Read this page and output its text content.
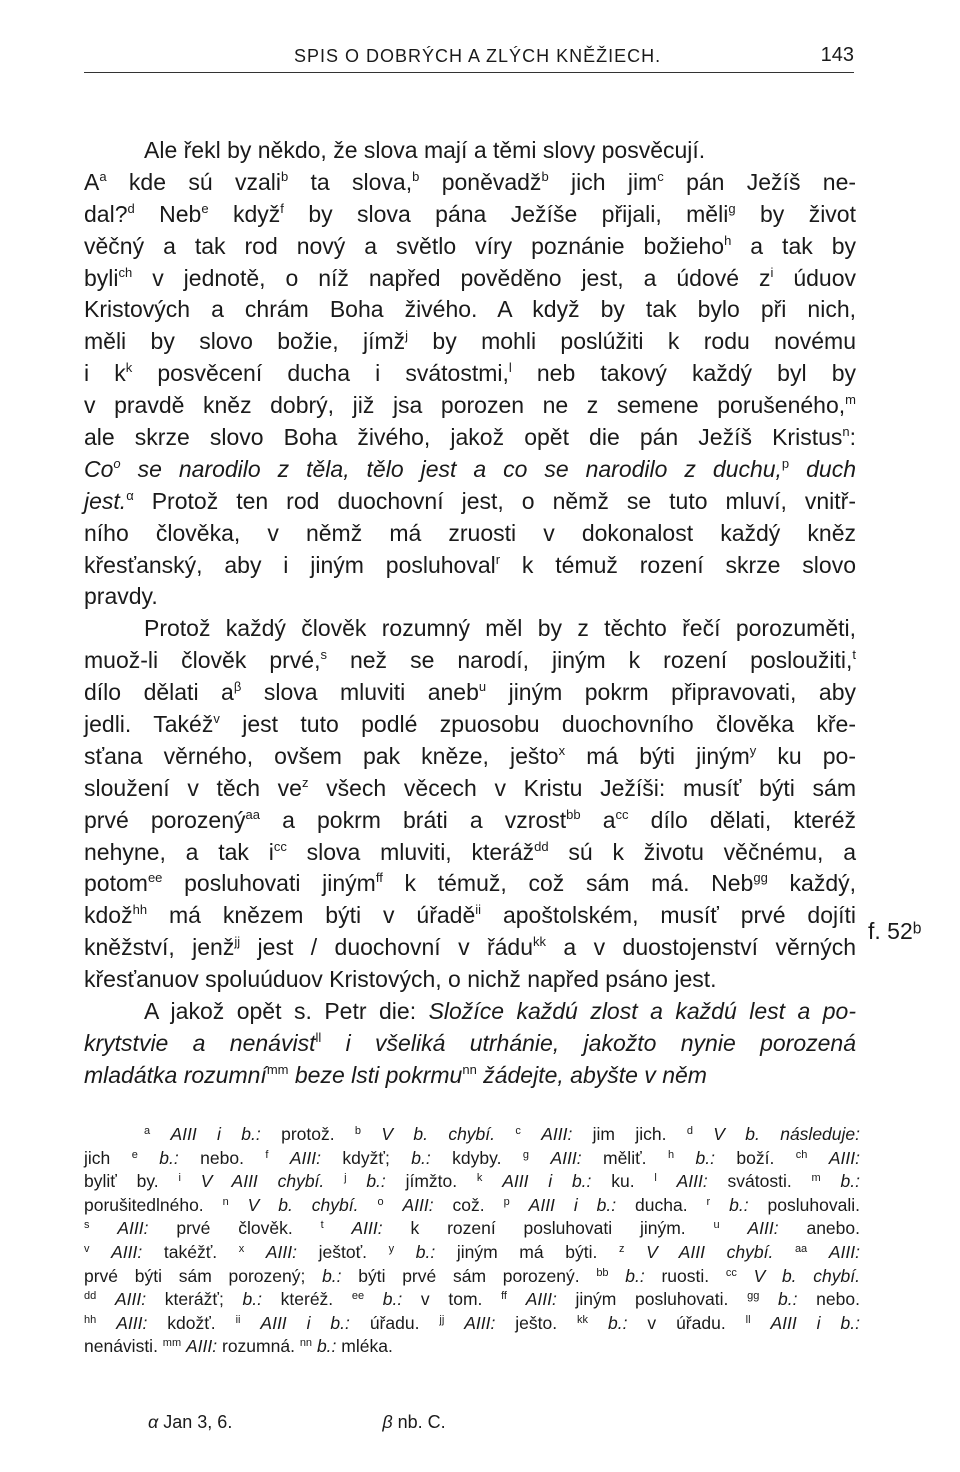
SPIS O DOBRÝCH A ZLÝCH KNĚŽIECH.	143
Ale řekl by někdo, že slova mají a těmi slovy posvěcují.
$A^a$ kde sú vzali$^b$ ta slova,$^b$ poněvadž$^b$ jich jim$^c$ pán Ježíš ne-
dal?$^d$ Neb$^e$ když$^f$ by slova pána Ježíše přijali, měli$^g$ by život
věčný a tak rod nový a světlo víry poznánie božieho$^h$ a tak by
byli$^{ch}$ v jednotě, o níž napřed pověděno jest, a údové $z^i$ úduov
Kristových a chrám Boha živého. A když by tak bylo při nich,
měli by slovo božie, jímž$^j$ by mohli poslúžiti k rodu novému
i $k^k$ posvěcení ducha i svátostmi,$^l$ neb takový každý byl by
v pravdě kněz dobrý, již jsa porozen ne z semene porušeného,$^m$
ale skrze slovo Boha živého, jakož opět die pán Ježíš Kristus$^n$:
Co$^o$ se narodilo z těla, tělo jest a co se narodilo z duchu,$^p$ duch
jest.$^\alpha$ Protož ten rod duochovní jest, o němž se tuto mluví, vnitř-
ního člověka, v němž má zruosti v dokonalost každý kněz
křesťanský, aby i jiným posluhoval$^r$ k témuž rození skrze slovo
pravdy.
Protož každý člověk rozumný měl by z těchto řečí porozuměti,
muož-li člověk prvé,$^s$ než se narodí, jiným k rození posloužiti,$^t$
dílo dělati $a^\beta$ slova mluviti aneb$^u$ jiným pokrm připravovati, aby
jedli. Takéž$^v$ jest tuto podlé zpuosobu duochovního člověka kře-
sťana věrného, ovšem pak kněze, ješto$^x$ má býti jiným$^y$ ku po-
sloužení v těch $ve^z$ všech věcech v Kristu Ježíši: musíť býti sám
prvé porozený$^{aa}$ a pokrm bráti a vzrost$^{bb}$ $a^{cc}$ dílo dělati, kteréž
nehyne, a tak $i^{cc}$ slova mluviti, kteráž$^{dd}$ sú k životu věčnému, a
potom$^{ee}$ posluhovati jiným$^{ff}$ k témuž, což sám má. Neb$^{gg}$ každý,
kdož$^{hh}$ má knězem býti v úřadě$^{ii}$ apoštolském, musíť prvé dojíti
kněžství, jenž$^{jj}$ jest / duochovní v řádu$^{kk}$ a v duostojenství věrných
křesťanuov spoluúduov Kristových, o nichž napřed psáno jest.
A jakož opět s. Petr die: Složíce každú zlost a každú lest a po-
krytstvie a nenávist$^{ll}$ i všeliká utrhánie, jakožto nynie porozená
mladátka rozumní$^{mm}$ beze lsti pokrmu$^{nn}$ žádejte, abyšte v něm
f. 52ᵇ
$^a$ AIII i b.: protož. $^b$ V b. chybí. $^c$ AIII: jim jich. $^d$ V b. následuje:
jich $^e$ b.: nebo. $^f$ AIII: kdyžť; b.: kdyby. $^g$ AIII: měliť. $^h$ b.: boží. $^{ch}$ AIII:
byliť by. $^i$ V AIII chybí. $^j$ b.: jímžto. $^k$ AIII i b.: ku. $^l$ AIII: svátosti. $^m$ b.:
porušitedlného. $^n$ V b. chybí. $^o$ AIII: což. $^p$ AIII i b.: ducha. $^r$ b.: posluhovali.
$^s$ AIII: prvé člověk. $^t$ AIII: k rození posluhovati jiným. $^u$ AIII: anebo.
$^v$ AIII: takéžť. $^x$ AIII: ještoť. $^y$ b.: jiným má býti. $^z$ V AIII chybí. $^{aa}$ AIII:
prvé býti sám porozený; b.: býti prvé sám porozený. $^{bb}$ b.: ruosti. $^{cc}$ V b. chybí.
$^{dd}$ AIII: kterážť; b.: kteréž. $^{ee}$ b.: v tom. $^{ff}$ AIII: jiným posluhovati. $^{gg}$ b.: nebo.
$^{hh}$ AIII: kdožť. $^{ii}$ AIII i b.: úřadu. $^{jj}$ AIII: ješto. $^{kk}$ b.: v úřadu. $^{ll}$ AIII i b.:
nenávisti. $^{mm}$ AIII: rozumná. $^{nn}$ b.: mléka.
α Jan 3, 6.	β nb. C.
